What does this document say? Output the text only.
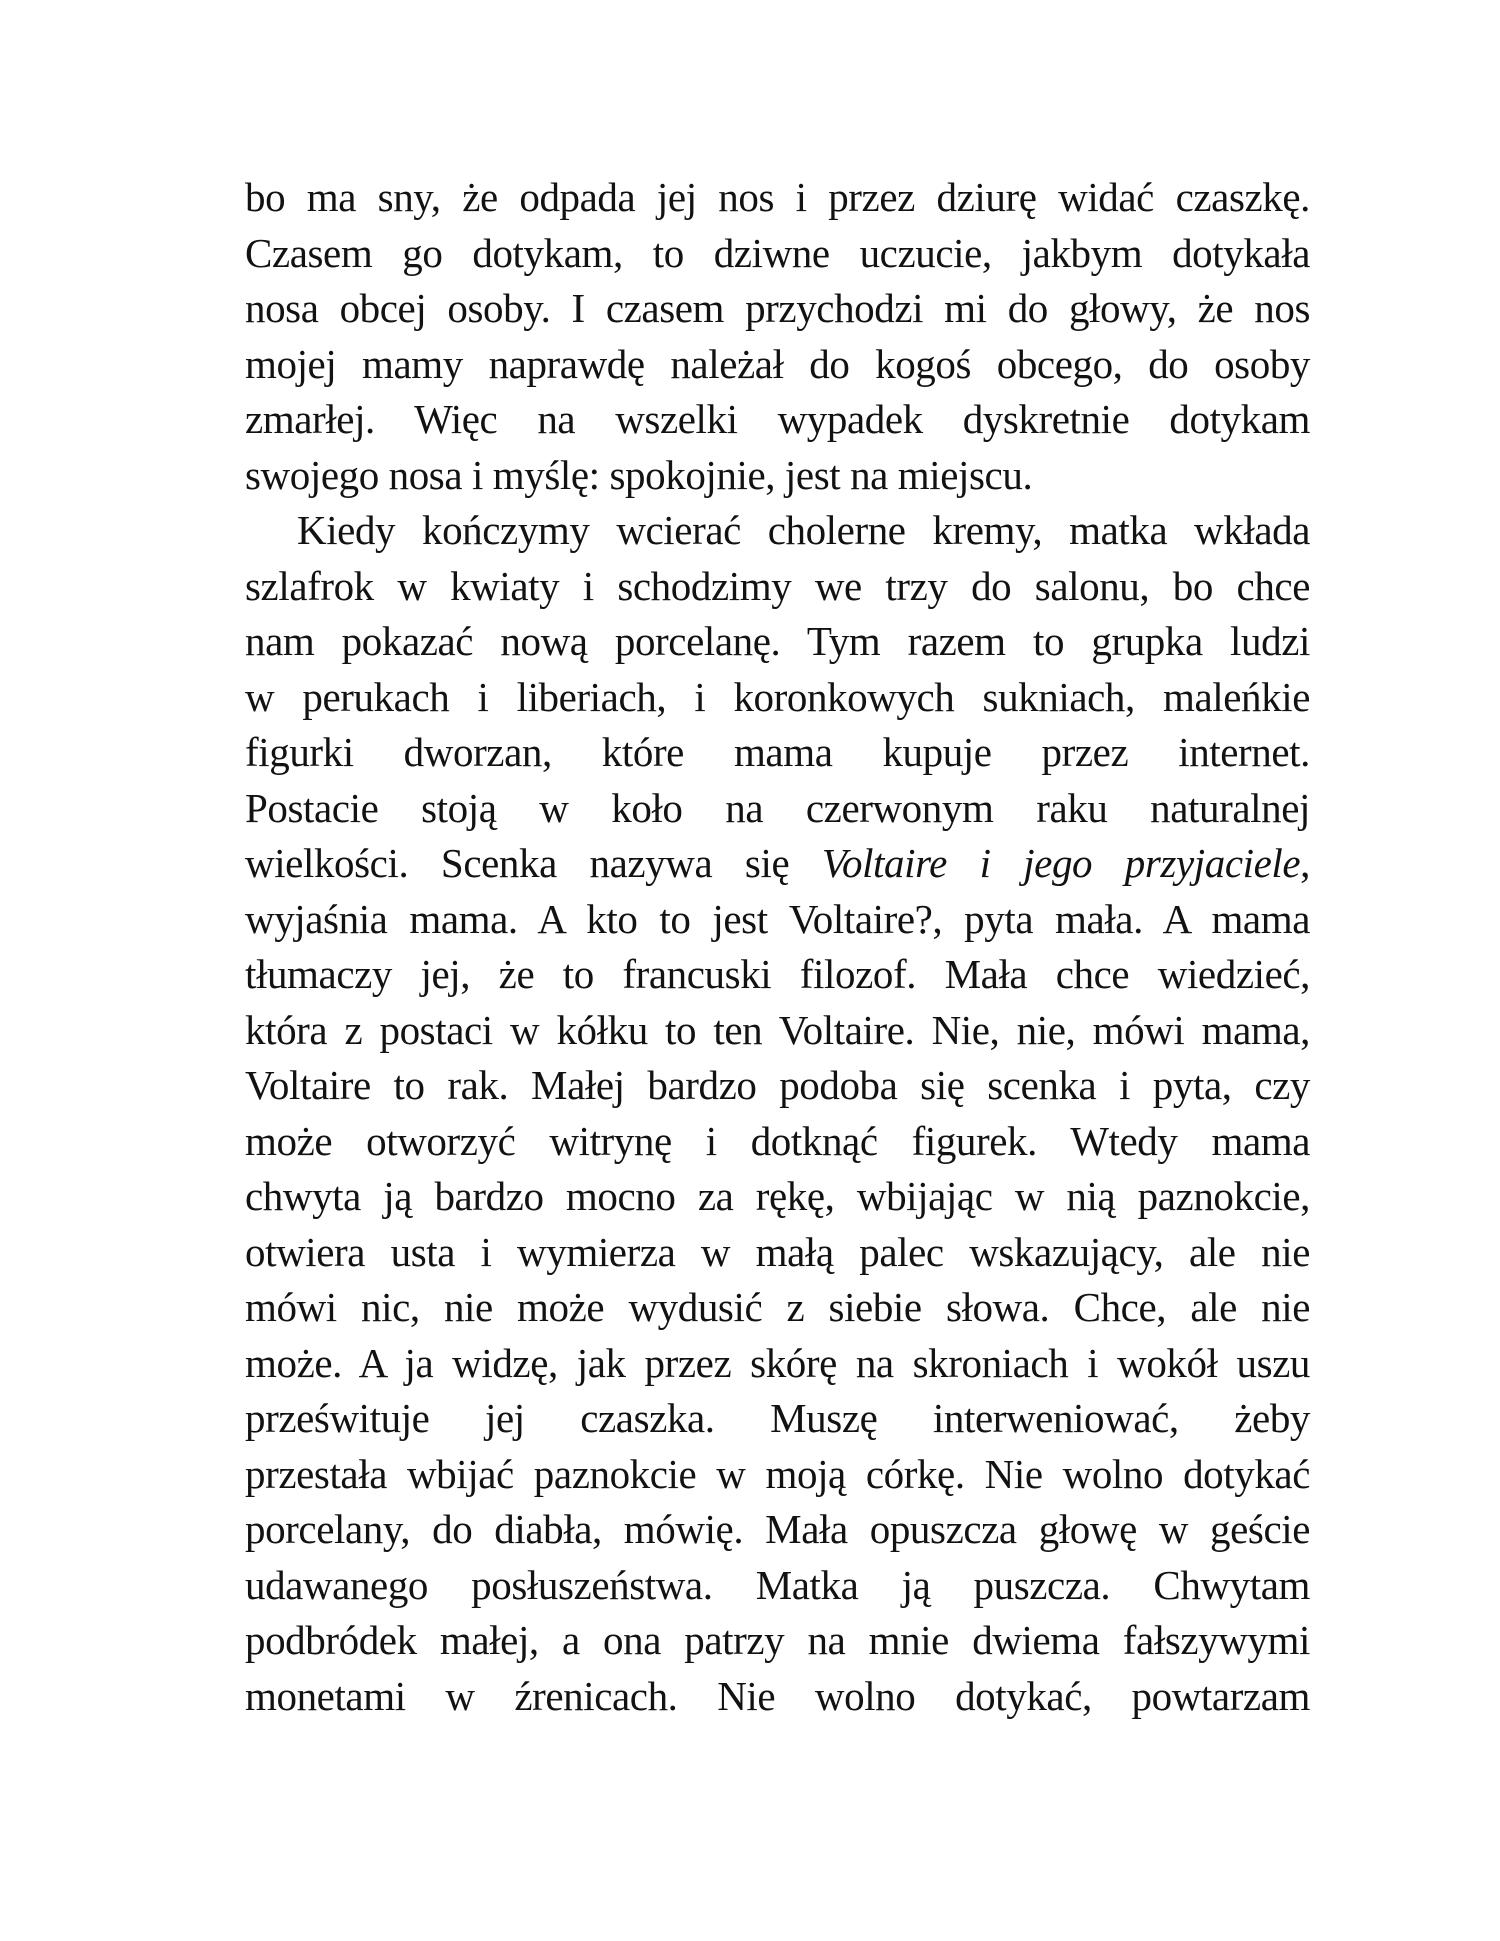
bo ma sny, że odpada jej nos i przez dziurę widać czaszkę.
Czasem go dotykam, to dziwne uczucie, jakbym dotykała
nosa obcej osoby. I czasem przychodzi mi do głowy, że nos
mojej mamy naprawdę należał do kogoś obcego, do osoby
zmarłej. Więc na wszelki wypadek dyskretnie dotykam
swojego nosa i myślę: spokojnie, jest na miejscu.
Kiedy kończymy wcierać cholerne kremy, matka wkłada
szlafrok w kwiaty i schodzimy we trzy do salonu, bo chce
nam pokazać nową porcelanę. Tym razem to grupka ludzi
w perukach i liberiach, i koronkowych sukniach, maleńkie
figurki dworzan, które mama kupuje przez internet.
Postacie stoją w koło na czerwonym raku naturalnej
wielkości. Scenka nazywa się Voltaire i jego przyjaciele,
wyjaśnia mama. A kto to jest Voltaire?, pyta mała. A mama
tłumaczy jej, że to francuski filozof. Mała chce wiedzieć,
która z postaci w kółku to ten Voltaire. Nie, nie, mówi mama,
Voltaire to rak. Małej bardzo podoba się scenka i pyta, czy
może otworzyć witrynę i dotknąć figurek. Wtedy mama
chwyta ją bardzo mocno za rękę, wbijając w nią paznokcie,
otwiera usta i wymierza w małą palec wskazujący, ale nie
mówi nic, nie może wydusić z siebie słowa. Chce, ale nie
może. A ja widzę, jak przez skórę na skroniach i wokół uszu
prześwituje jej czaszka. Muszę interweniować, żeby
przestała wbijać paznokcie w moją córkę. Nie wolno dotykać
porcelany, do diabła, mówię. Mała opuszcza głowę w geście
udawanego posłuszeństwa. Matka ją puszcza. Chwytam
podbródek małej, a ona patrzy na mnie dwiema fałszywymi
monetami w źrenicach. Nie wolno dotykać, powtarzam
